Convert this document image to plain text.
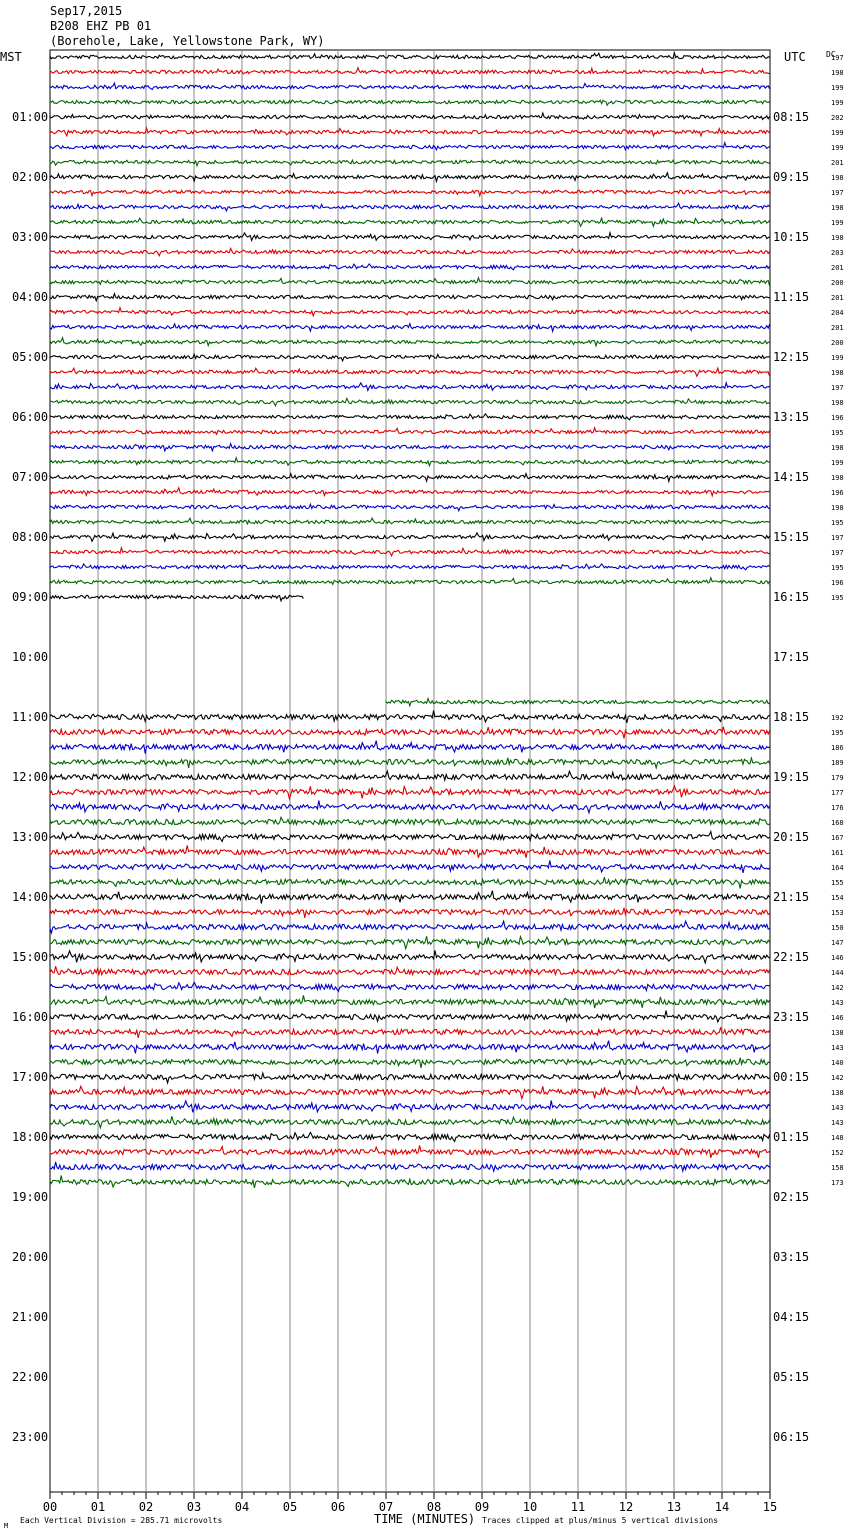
Sep17,2015
B208 EHZ PB 01
(Borehole, Lake, Yellowstone Park, WY)
00	01	02	03	04	05	06	07	08	09	10	11	12	13	14	15
01:00
02:00
03:00
04:00
05:00
06:00
07:00
08:00
09:00
10:00
11:00
12:00
13:00
14:00
15:00
16:00
17:00
18:00
19:00
20:00
21:00
22:00
23:00
08:15
09:15
10:15
11:15
12:15
13:15
14:15
15:15
16:15
17:15
18:15
19:15
20:15
21:15
22:15
23:15
00:15
01:15
02:15
03:15
04:15
05:15
06:15
197
198
199
199
202
199
199
201
198
197
198
199
198
203
201
200
201
204
201
200
199
198
197
198
196
195
198
199
198
196
198
195
197
197
195
196
195
192
195
186
189
179
177
176
168
167
161
164
155
154
153
150
147
146
144
142
143
146
138
143
140
142
138
143
143
148
152
158
173
MST	UTC	DC
M
Each Vertical Division = 285.71 microvolts	TIME (MINUTES) Traces clipped at plus/minus 5 vertical divisions
